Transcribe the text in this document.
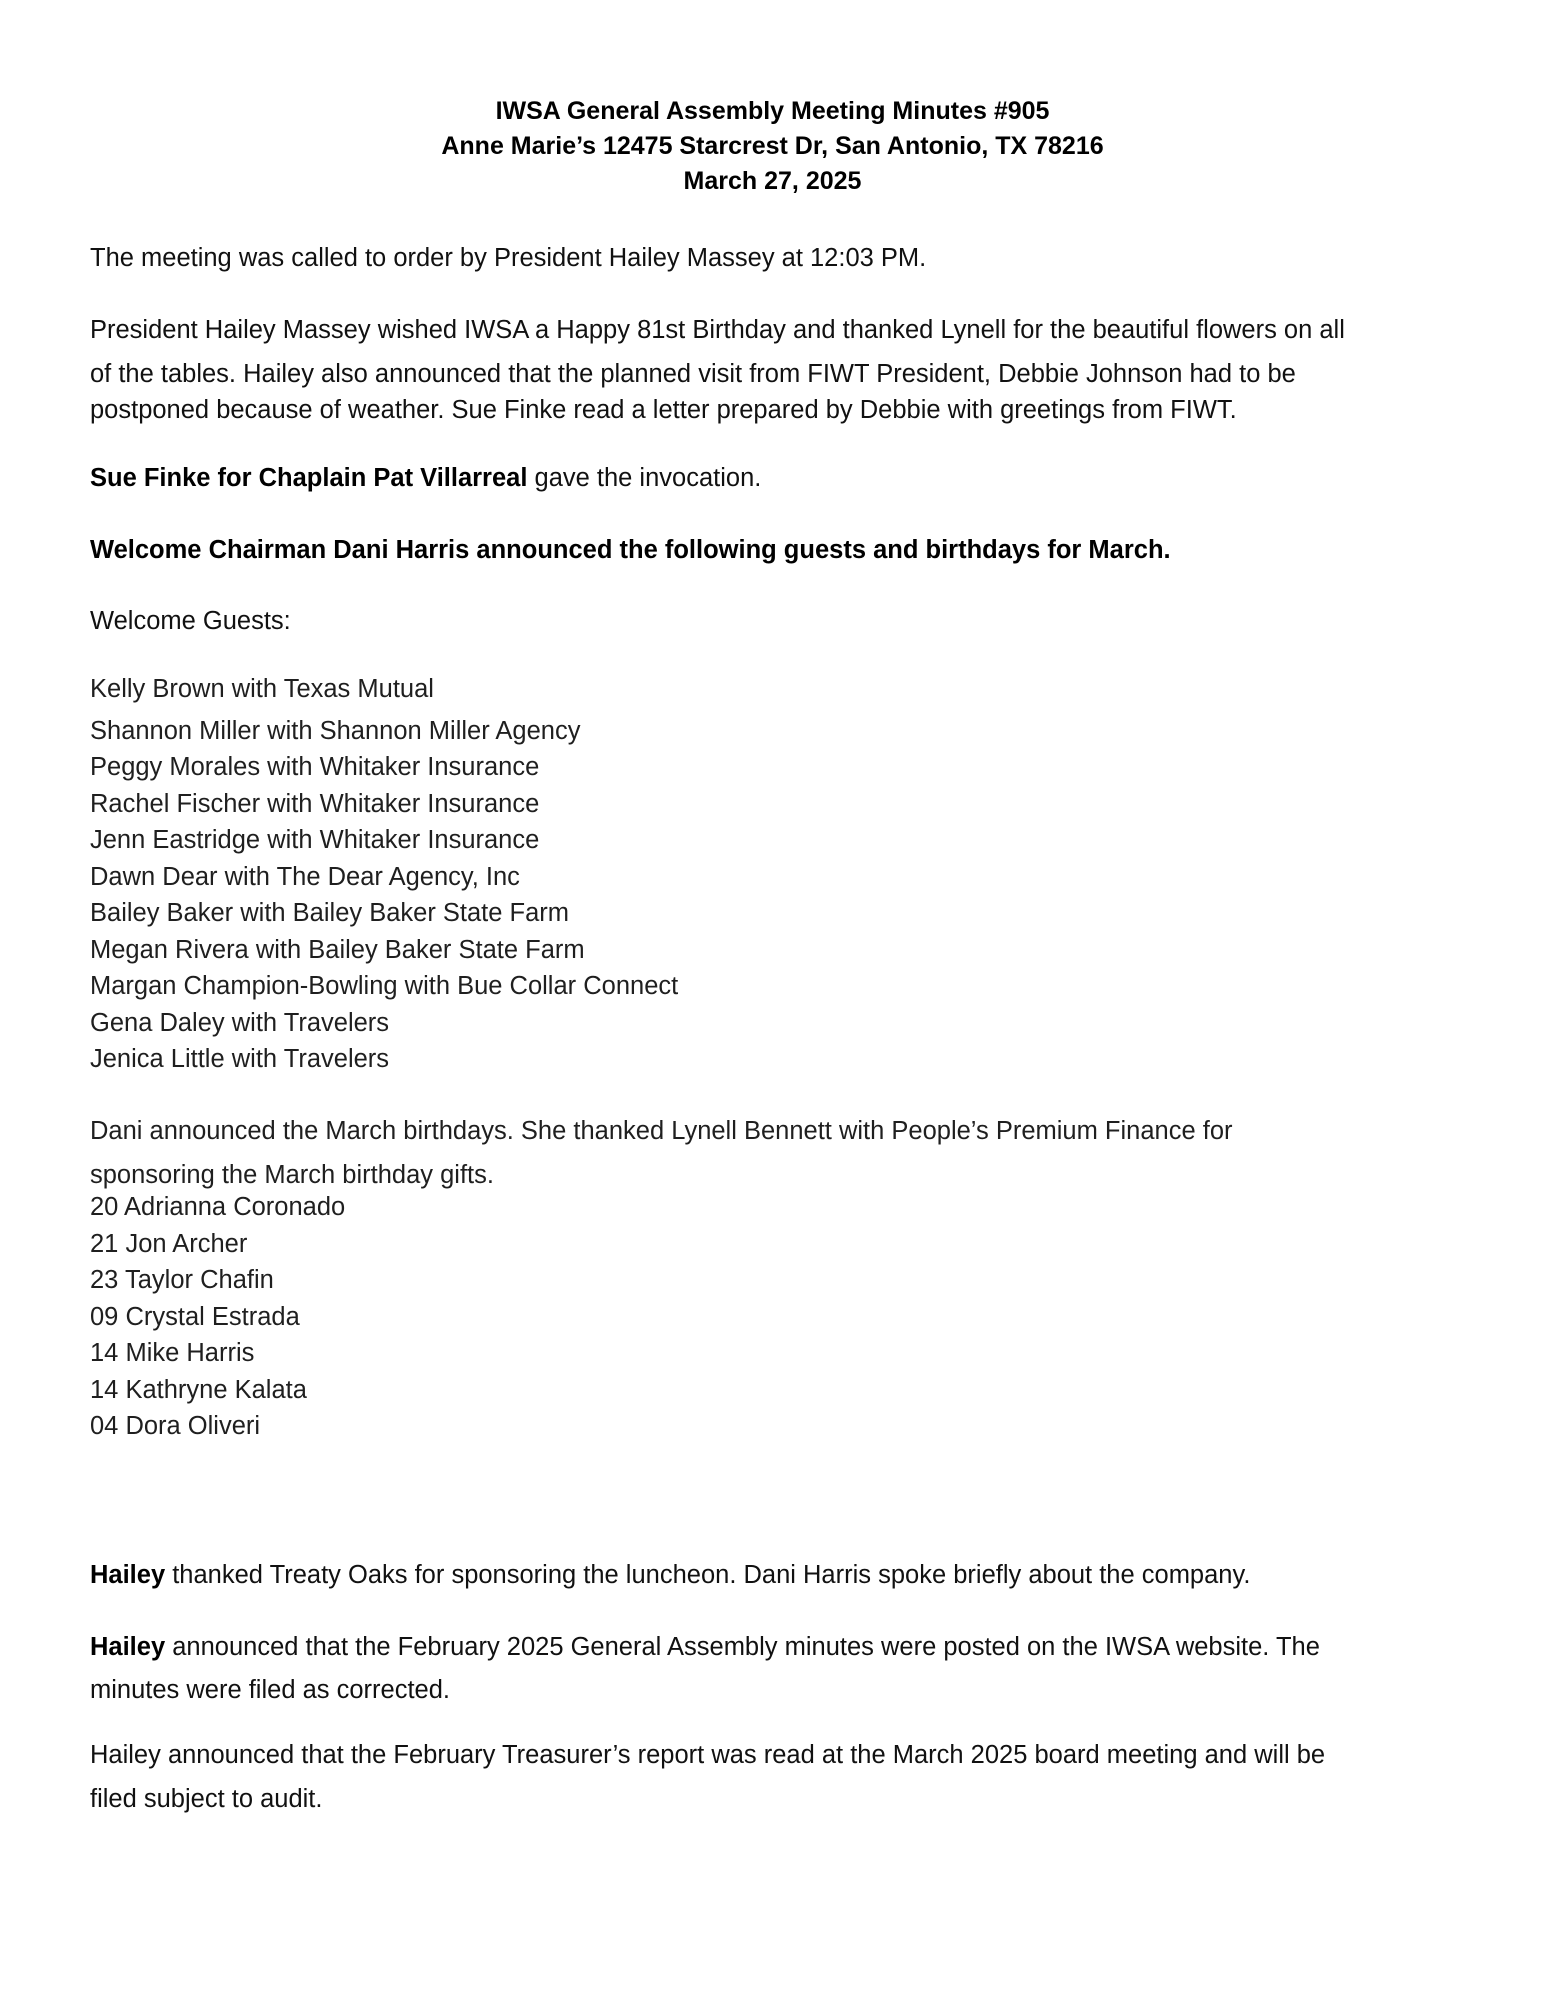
IWSA General Assembly Meeting Minutes #905
Anne Marie’s 12475 Starcrest Dr, San Antonio, TX 78216
March 27, 2025
The meeting was called to order by President Hailey Massey at 12:03 PM.
President Hailey Massey wished IWSA a Happy 81st Birthday and thanked Lynell for the beautiful flowers on all
of the tables. Hailey also announced that the planned visit from FIWT President, Debbie Johnson had to be
postponed because of weather. Sue Finke read a letter prepared by Debbie with greetings from FIWT.
Sue Finke for Chaplain Pat Villarreal gave the invocation.
Welcome Chairman Dani Harris announced the following guests and birthdays for March.
Welcome Guests:
Kelly Brown with Texas Mutual
Shannon Miller with Shannon Miller Agency
Peggy Morales with Whitaker Insurance
Rachel Fischer with Whitaker Insurance
Jenn Eastridge with Whitaker Insurance
Dawn Dear with The Dear Agency, Inc
Bailey Baker with Bailey Baker State Farm
Megan Rivera with Bailey Baker State Farm
Margan Champion-Bowling with Bue Collar Connect
Gena Daley with Travelers
Jenica Little with Travelers
Dani announced the March birthdays. She thanked Lynell Bennett with People’s Premium Finance for
sponsoring the March birthday gifts.
20 Adrianna Coronado
21 Jon Archer
23 Taylor Chafin
09 Crystal Estrada
14 Mike Harris
14 Kathryne Kalata
04 Dora Oliveri
Hailey thanked Treaty Oaks for sponsoring the luncheon. Dani Harris spoke briefly about the company.
Hailey announced that the February 2025 General Assembly minutes were posted on the IWSA website. The
minutes were filed as corrected.
Hailey announced that the February Treasurer’s report was read at the March 2025 board meeting and will be
filed subject to audit.
